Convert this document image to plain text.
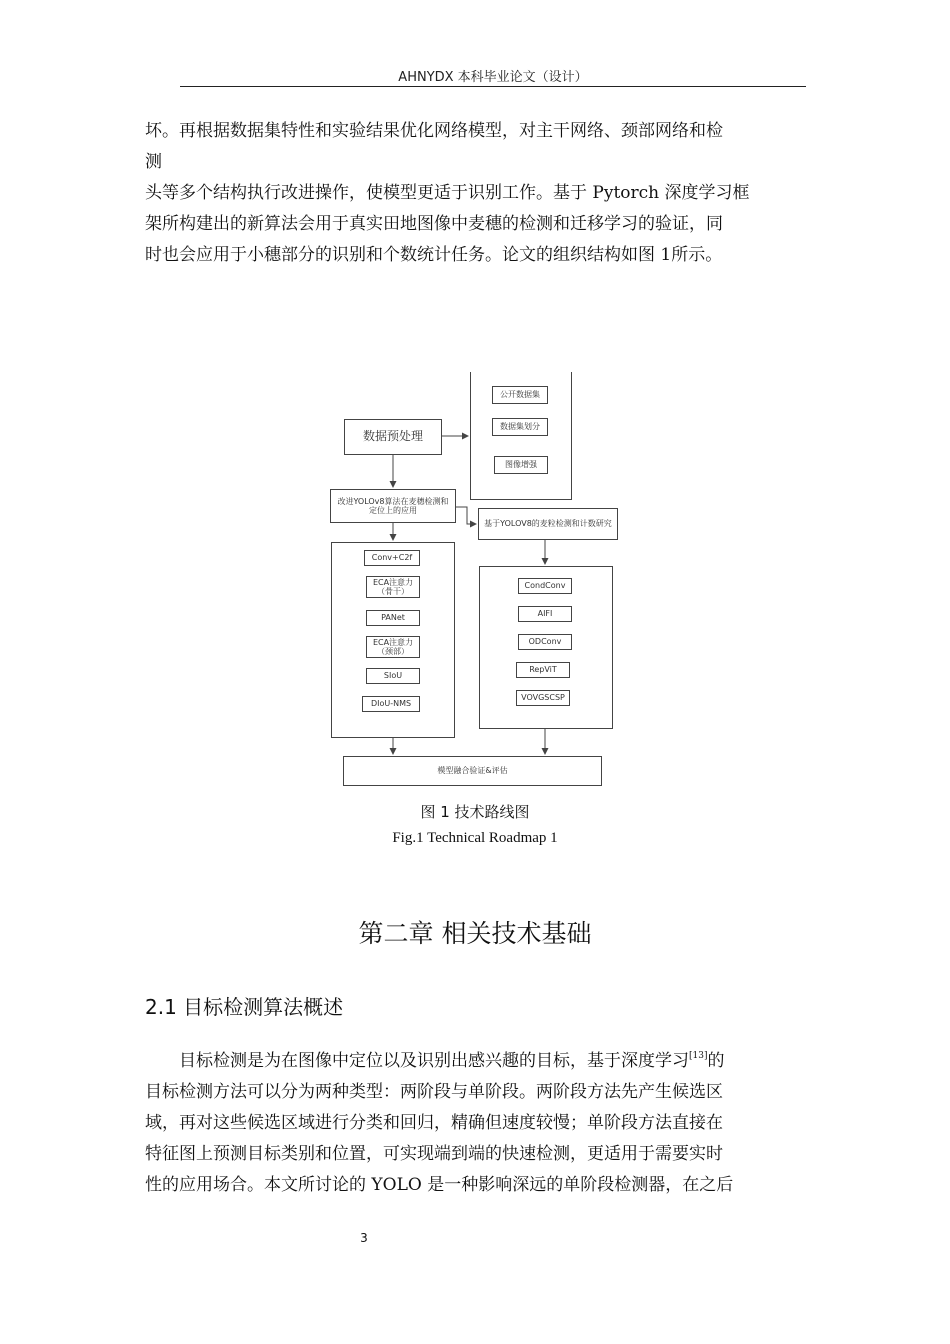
AHNYDX 本科毕业论文（设计）
坏。再根据数据集特性和实验结果优化网络模型，对主干网络、颈部网络和检
测
头等多个结构执行改进操作，使模型更适于识别工作。基于 Pytorch 深度学习框
架所构建出的新算法会用于真实田地图像中麦穗的检测和迁移学习的验证，同
时也会应用于小穗部分的识别和个数统计任务。论文的组织结构如图 1所示。
公开数据集
数据集划分
图像增强
数据预处理
改进YOLOv8算法在麦穗检测和定位上的应用
基于YOLOV8的麦粒检测和计数研究
Conv+C2f
ECA注意力（骨干）
PANet
ECA注意力（颈部）
SIoU
DIoU-NMS
CondConv
AIFI
ODConv
RepViT
VOVGSCSP
模型融合验证&评估
图 1 技术路线图
Fig.1 Technical Roadmap 1
第二章 相关技术基础
2.1 目标检测算法概述
目标检测是为在图像中定位以及识别出感兴趣的目标，基于深度学习[13]的
目标检测方法可以分为两种类型：两阶段与单阶段。两阶段方法先产生候选区
域，再对这些候选区域进行分类和回归，精确但速度较慢；单阶段方法直接在
特征图上预测目标类别和位置，可实现端到端的快速检测，更适用于需要实时
性的应用场合。本文所讨论的 YOLO 是一种影响深远的单阶段检测器，在之后
3
